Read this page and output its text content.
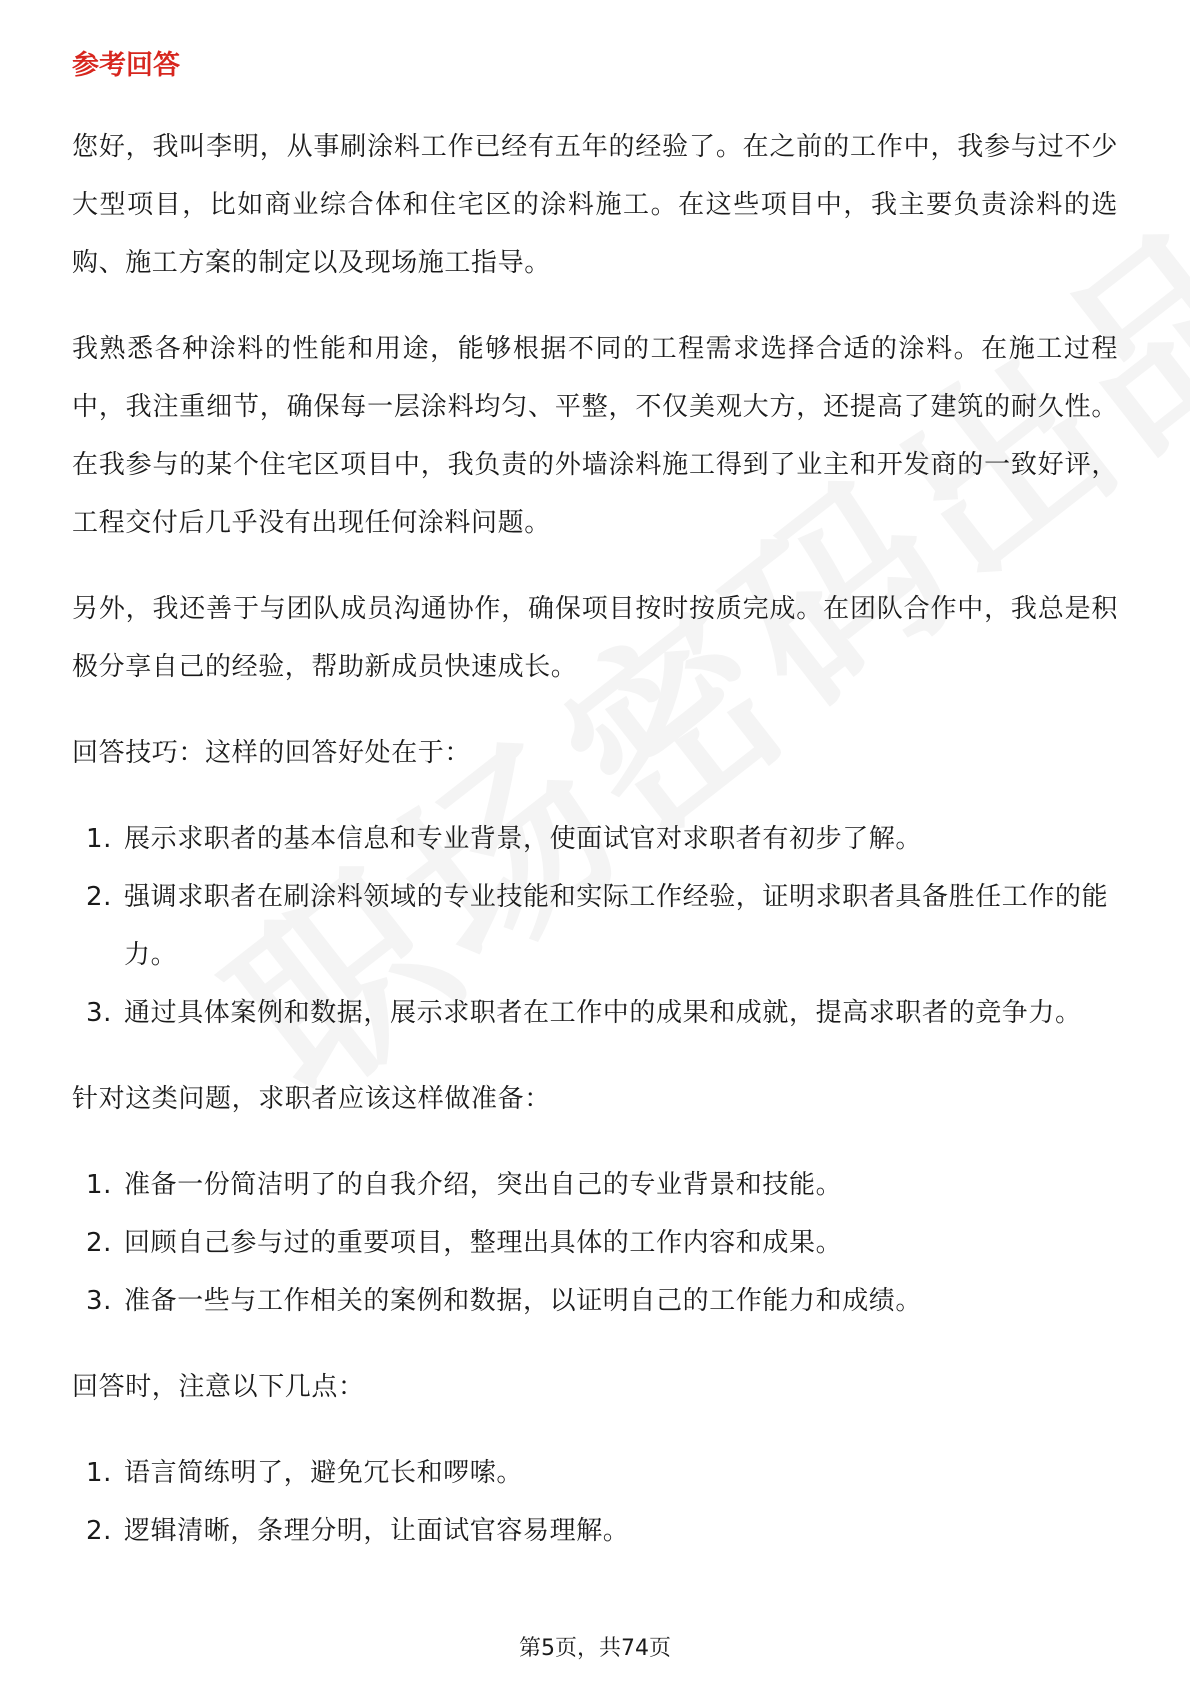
参考回答

您好，我叫李明，从事刷涂料工作已经有五年的经验了。在之前的工作中，我参与过不少大型项目，比如商业综合体和住宅区的涂料施工。在这些项目中，我主要负责涂料的选购、施工方案的制定以及现场施工指导。

我熟悉各种涂料的性能和用途，能够根据不同的工程需求选择合适的涂料。在施工过程中，我注重细节，确保每一层涂料均匀、平整，不仅美观大方，还提高了建筑的耐久性。在我参与的某个住宅区项目中，我负责的外墙涂料施工得到了业主和开发商的一致好评，工程交付后几乎没有出现任何涂料问题。

另外，我还善于与团队成员沟通协作，确保项目按时按质完成。在团队合作中，我总是积极分享自己的经验，帮助新成员快速成长。

回答技巧：这样的回答好处在于：

1. 展示求职者的基本信息和专业背景，使面试官对求职者有初步了解。
2. 强调求职者在刷涂料领域的专业技能和实际工作经验，证明求职者具备胜任工作的能力。
3. 通过具体案例和数据，展示求职者在工作中的成果和成就，提高求职者的竞争力。

针对这类问题，求职者应该这样做准备：

1. 准备一份简洁明了的自我介绍，突出自己的专业背景和技能。
2. 回顾自己参与过的重要项目，整理出具体的工作内容和成果。
3. 准备一些与工作相关的案例和数据，以证明自己的工作能力和成绩。

回答时，注意以下几点：

1. 语言简练明了，避免冗长和啰嗦。
2. 逻辑清晰，条理分明，让面试官容易理解。
第5页，共74页
